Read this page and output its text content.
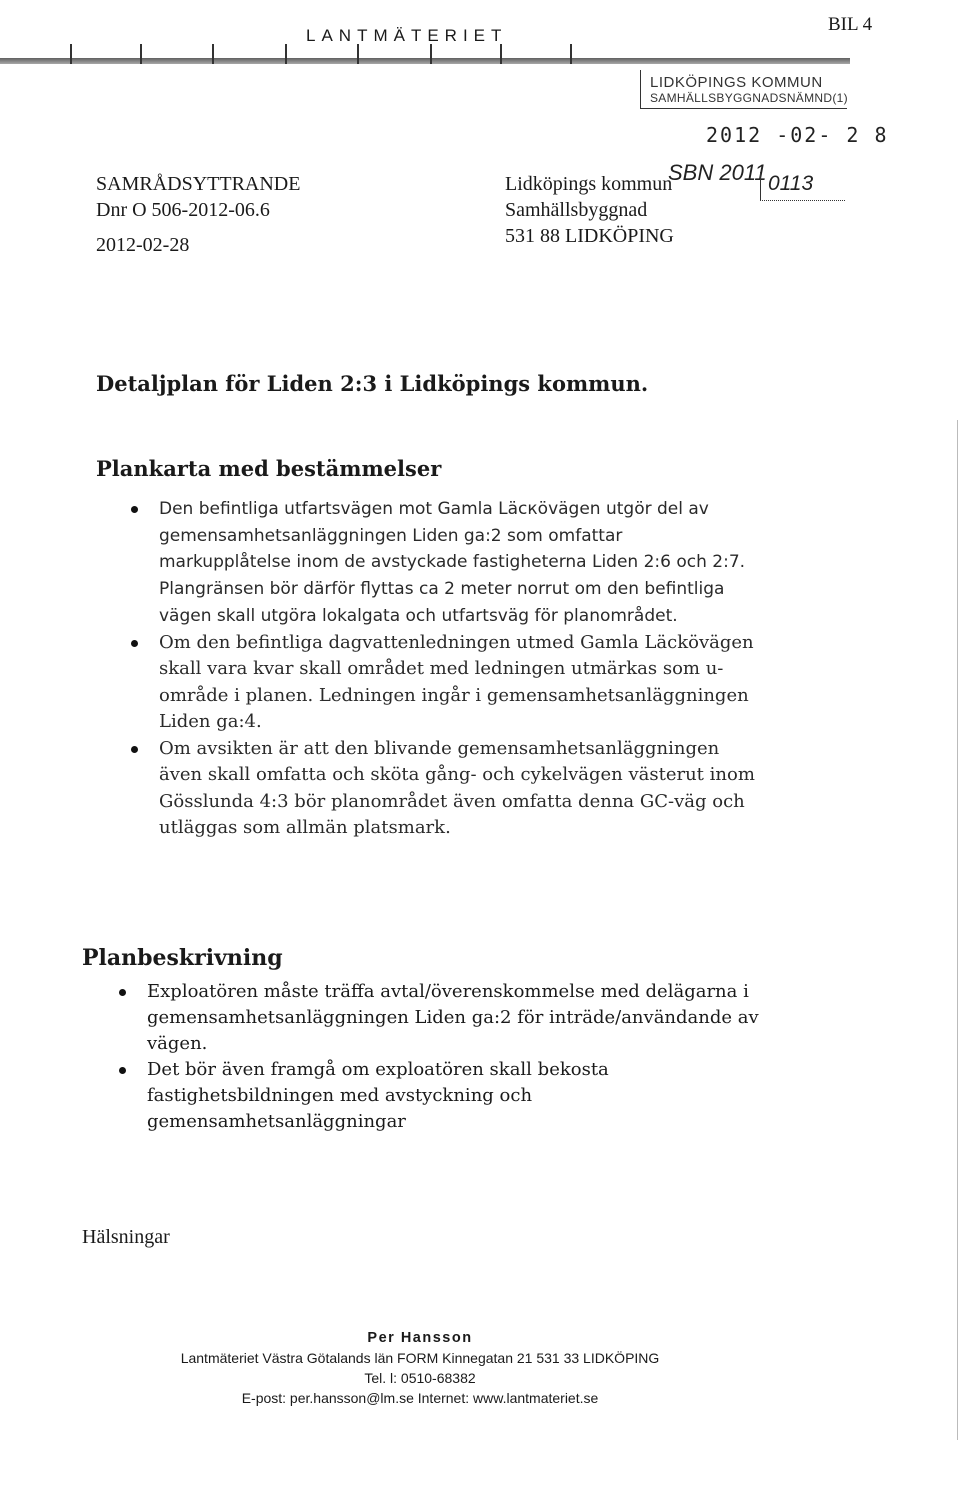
LANTMÄTERIET
BIL 4
LIDKÖPINGS KOMMUN
SAMHÄLLSBYGGNADSNÄMND(1)
2012 -02- 2 8
SBN 2011 0113
SAMRÅDSYTTRANDE
Dnr O 506-2012-06.6
2012-02-28
Lidköpings kommun
Samhällsbyggnad
531 88 LIDKÖPING
Detaljplan för Liden 2:3 i Lidköpings kommun.
Plankarta med bestämmelser
Den befintliga utfartsvägen mot Gamla Läcкövägen utgör del av gemensamhetsanläggningen Liden ga:2 som omfattar markupplåtelse inom de avstyckade fastigheterna Liden 2:6 och 2:7. Plangränsen bör därför flyttas ca 2 meter norrut om den befintliga vägen skall utgöra lokalgata och utfartsväg för planområdet.
Om den befintliga dagvattenledningen utmed Gamla Läckövägen skall vara kvar skall området med ledningen utmärkas som u-område i planen. Ledningen ingår i gemensamhetsanläggningen Liden ga:4.
Om avsikten är att den blivande gemensamhetsanläggningen även skall omfatta och sköta gång- och cykelvägen västerut inom Gösslunda 4:3 bör planområdet även omfatta denna GC-väg och utläggas som allmän platsmark.
Planbeskrivning
Exploatören måste träffa avtal/överenskommelse med delägarna i gemensamhetsanläggningen Liden ga:2 för inträde/användande av vägen.
Det bör även framgå om exploatören skall bekosta fastighetsbildningen med avstyckning och gemensamhetsanläggningar
Hälsningar
Per Hansson
Lantmäteriet Västra Götalands län FORM Kinnegatan 21 531 33 LIDKÖPING
Tel. l: 0510-68382
E-post: per.hansson@lm.se Internet: www.lantmateriet.se
